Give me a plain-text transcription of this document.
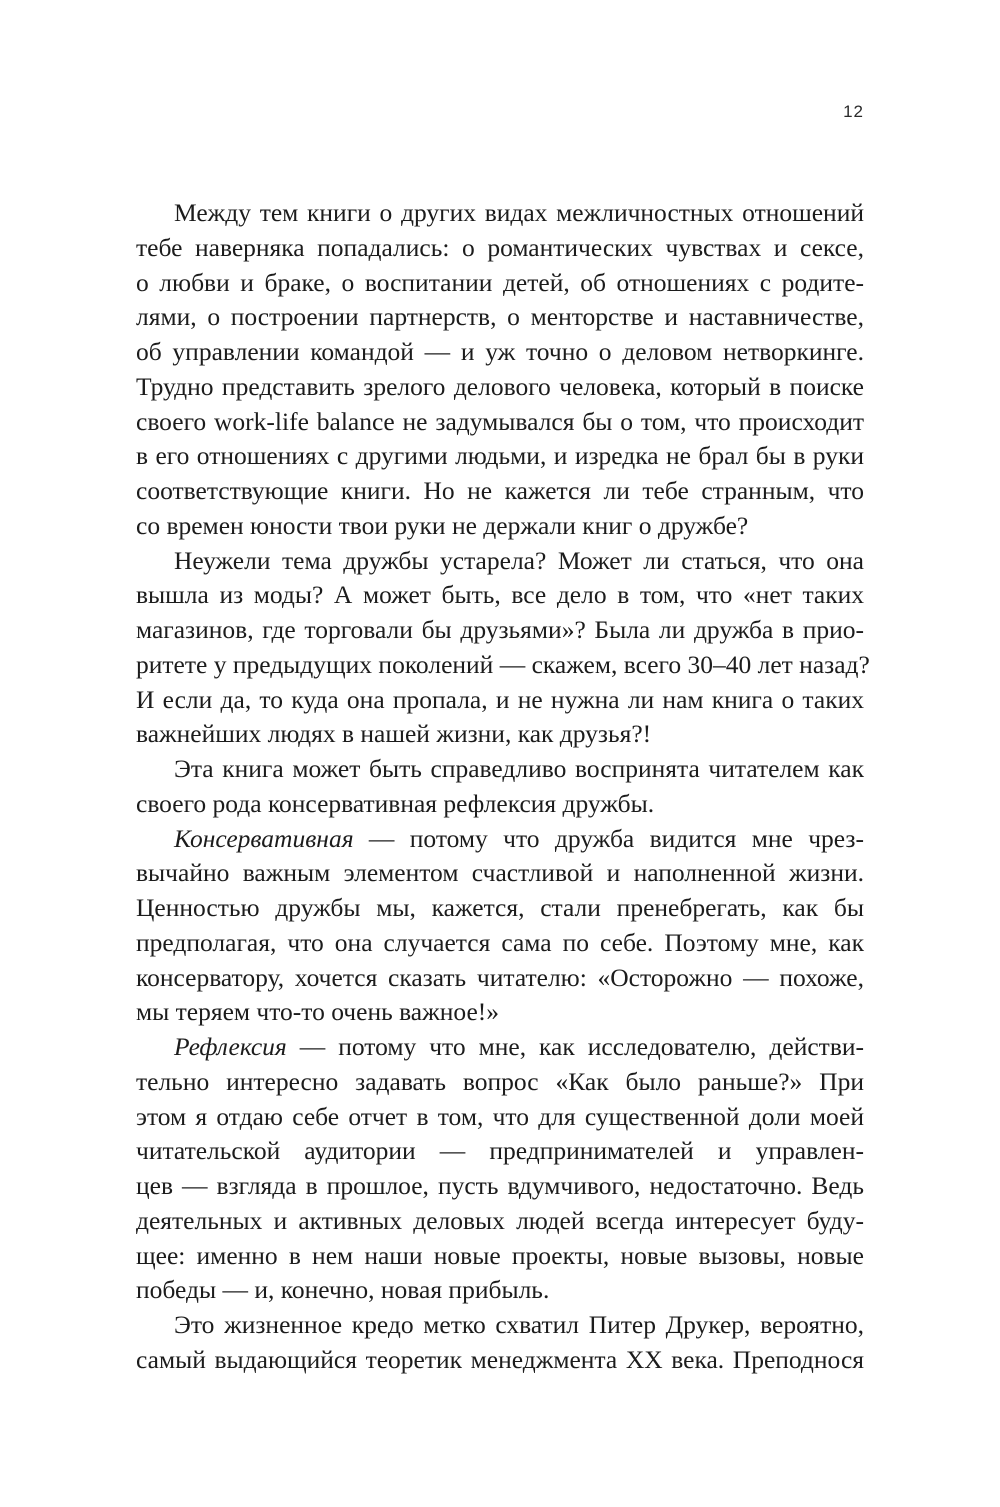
12

Между тем книги о других видах межличностных отношений
тебе наверняка попадались: о романтических чувствах и сексе,
о любви и браке, о воспитании детей, об отношениях с родите-
лями, о построении партнерств, о менторстве и наставничестве,
об управлении командой — и уж точно о деловом нетворкинге.
Трудно представить зрелого делового человека, который в поиске
своего work-life balance не задумывался бы о том, что происходит
в его отношениях с другими людьми, и изредка не брал бы в руки
соответствующие книги. Но не кажется ли тебе странным, что
со времен юности твои руки не держали книг о дружбе?

Неужели тема дружбы устарела? Может ли статься, что она
вышла из моды? А может быть, все дело в том, что «нет таких
магазинов, где торговали бы друзьями»? Была ли дружба в прио-
ритете у предыдущих поколений — скажем, всего 30–40 лет назад?
И если да, то куда она пропала, и не нужна ли нам книга о таких
важнейших людях в нашей жизни, как друзья?!

Эта книга может быть справедливо воспринята читателем как
своего рода консервативная рефлексия дружбы.

Консервативная — потому что дружба видится мне чрез-
вычайно важным элементом счастливой и наполненной жизни.
Ценностью дружбы мы, кажется, стали пренебрегать, как бы
предполагая, что она случается сама по себе. Поэтому мне, как
консерватору, хочется сказать читателю: «Осторожно — похоже,
мы теряем что-то очень важное!»

Рефлексия — потому что мне, как исследователю, действи-
тельно интересно задавать вопрос «Как было раньше?» При
этом я отдаю себе отчет в том, что для существенной доли моей
читательской аудитории — предпринимателей и управлен-
цев — взгляда в прошлое, пусть вдумчивого, недостаточно. Ведь
деятельных и активных деловых людей всегда интересует буду-
щее: именно в нем наши новые проекты, новые вызовы, новые
победы — и, конечно, новая прибыль.

Это жизненное кредо метко схватил Питер Друкер, вероятно,
самый выдающийся теоретик менеджмента XX века. Преподнося
